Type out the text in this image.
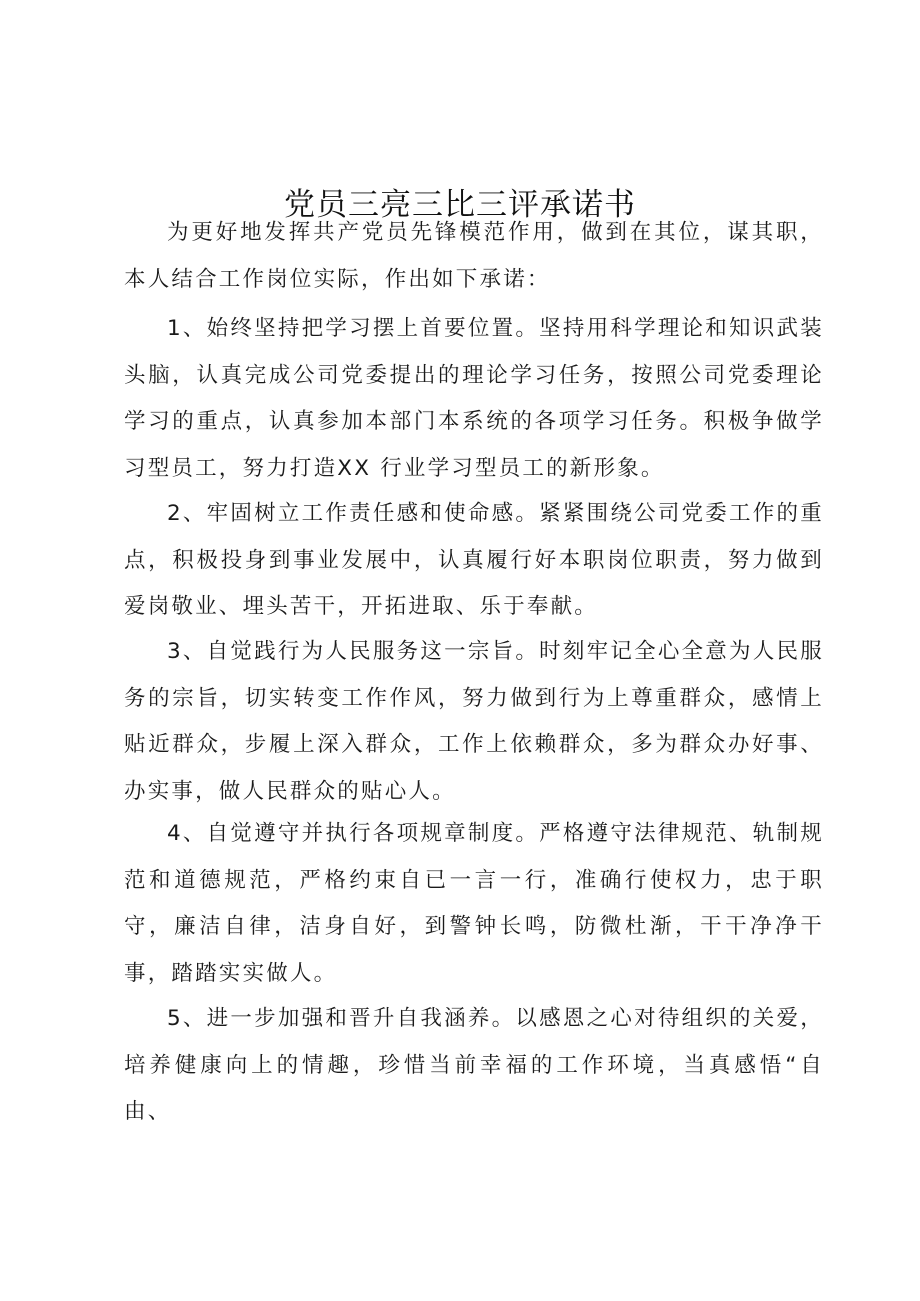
党员三亮三比三评承诺书

为更好地发挥共产党员先锋模范作用，做到在其位，谋其职，本人结合工作岗位实际，作出如下承诺：

1、始终坚持把学习摆上首要位置。坚持用科学理论和知识武装头脑，认真完成公司党委提出的理论学习任务，按照公司党委理论学习的重点，认真参加本部门本系统的各项学习任务。积极争做学习型员工，努力打造XX 行业学习型员工的新形象。

2、牢固树立工作责任感和使命感。紧紧围绕公司党委工作的重点，积极投身到事业发展中，认真履行好本职岗位职责，努力做到爱岗敬业、埋头苦干，开拓进取、乐于奉献。

3、自觉践行为人民服务这一宗旨。时刻牢记全心全意为人民服务的宗旨，切实转变工作作风，努力做到行为上尊重群众，感情上贴近群众，步履上深入群众，工作上依赖群众，多为群众办好事、办实事，做人民群众的贴心人。

4、自觉遵守并执行各项规章制度。严格遵守法律规范、轨制规范和道德规范，严格约束自已一言一行，准确行使权力，忠于职守，廉洁自律，洁身自好，到警钟长鸣，防微杜渐，干干净净干事，踏踏实实做人。

5、进一步加强和晋升自我涵养。以感恩之心对待组织的关爱，培养健康向上的情趣，珍惜当前幸福的工作环境，当真感悟“自由、
